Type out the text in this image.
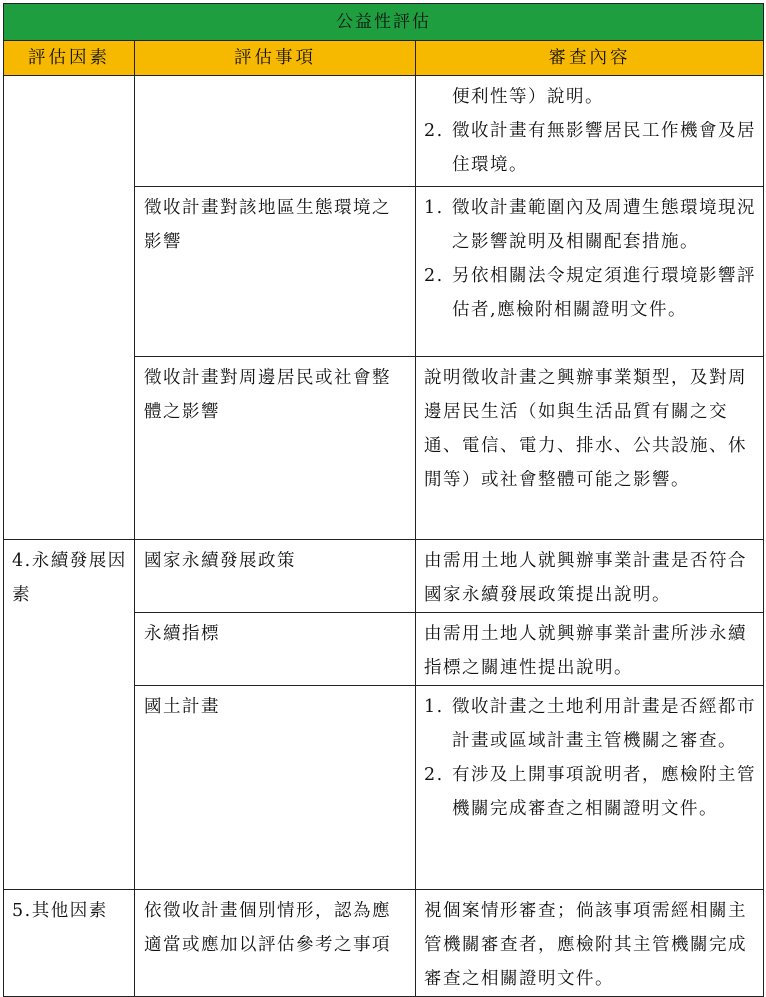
公益性評估		
評估因素	評估事項	審查內容

		便利性等）說明。
2. 徵收計畫有無影響居民工作機會及居住環境。

	徵收計畫對該地區生態環境之影響	1. 徵收計畫範圍內及周遭生態環境現況之影響說明及相關配套措施。
2. 另依相關法令規定須進行環境影響評估者,應檢附相關證明文件。

	徵收計畫對周邊居民或社會整體之影響	說明徵收計畫之興辦事業類型，及對周邊居民生活（如與生活品質有關之交通、電信、電力、排水、公共設施、休閒等）或社會整體可能之影響。
4.永續發展因素	國家永續發展政策	由需用土地人就興辦事業計畫是否符合國家永續發展政策提出說明。
	永續指標	由需用土地人就興辦事業計畫所涉永續指標之關連性提出說明。
	國土計畫	1. 徵收計畫之土地利用計畫是否經都市計畫或區域計畫主管機關之審查。
2. 有涉及上開事項說明者，應檢附主管機關完成審查之相關證明文件。

5.其他因素	依徵收計畫個別情形，認為應適當或應加以評估參考之事項	視個案情形審查；倘該事項需經相關主管機關審查者，應檢附其主管機關完成審查之相關證明文件。
